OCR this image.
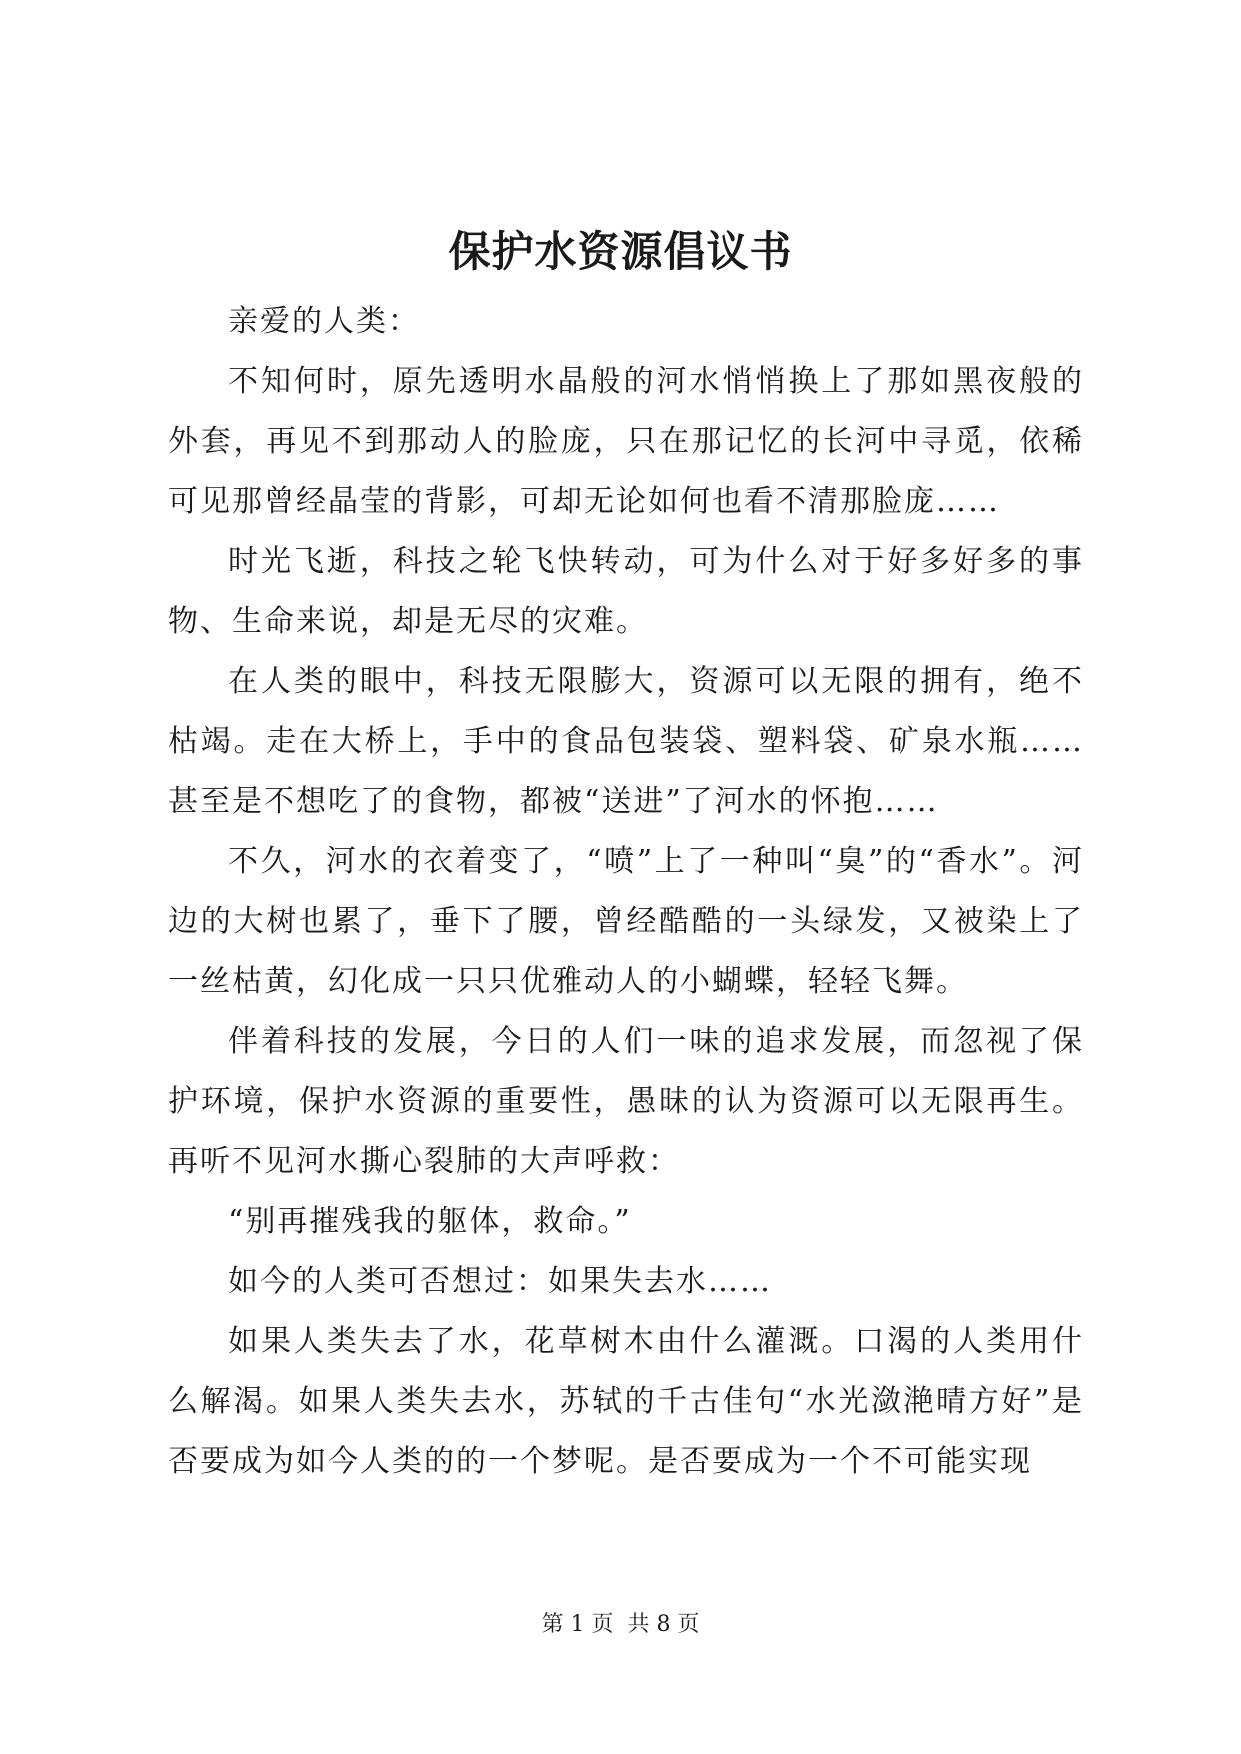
保护水资源倡议书

亲爱的人类：

不知何时，原先透明水晶般的河水悄悄换上了那如黑夜般的外套，再见不到那动人的脸庞，只在那记忆的长河中寻觅，依稀可见那曾经晶莹的背影，可却无论如何也看不清那脸庞……

时光飞逝，科技之轮飞快转动，可为什么对于好多好多的事物、生命来说，却是无尽的灾难。

在人类的眼中，科技无限膨大，资源可以无限的拥有，绝不枯竭。走在大桥上，手中的食品包装袋、塑料袋、矿泉水瓶……甚至是不想吃了的食物，都被“送进”了河水的怀抱……

不久，河水的衣着变了，“喷”上了一种叫“臭”的“香水”。河边的大树也累了，垂下了腰，曾经酷酷的一头绿发，又被染上了一丝枯黄，幻化成一只只优雅动人的小蝴蝶，轻轻飞舞。

伴着科技的发展，今日的人们一味的追求发展，而忽视了保护环境，保护水资源的重要性，愚昧的认为资源可以无限再生。再听不见河水撕心裂肺的大声呼救：

“别再摧残我的躯体，救命。”

如今的人类可否想过：如果失去水……

如果人类失去了水，花草树木由什么灌溉。口渴的人类用什么解渴。如果人类失去水，苏轼的千古佳句“水光潋滟晴方好”是否要成为如今人类的的一个梦呢。是否要成为一个不可能实现

第 1 页 共 8 页
